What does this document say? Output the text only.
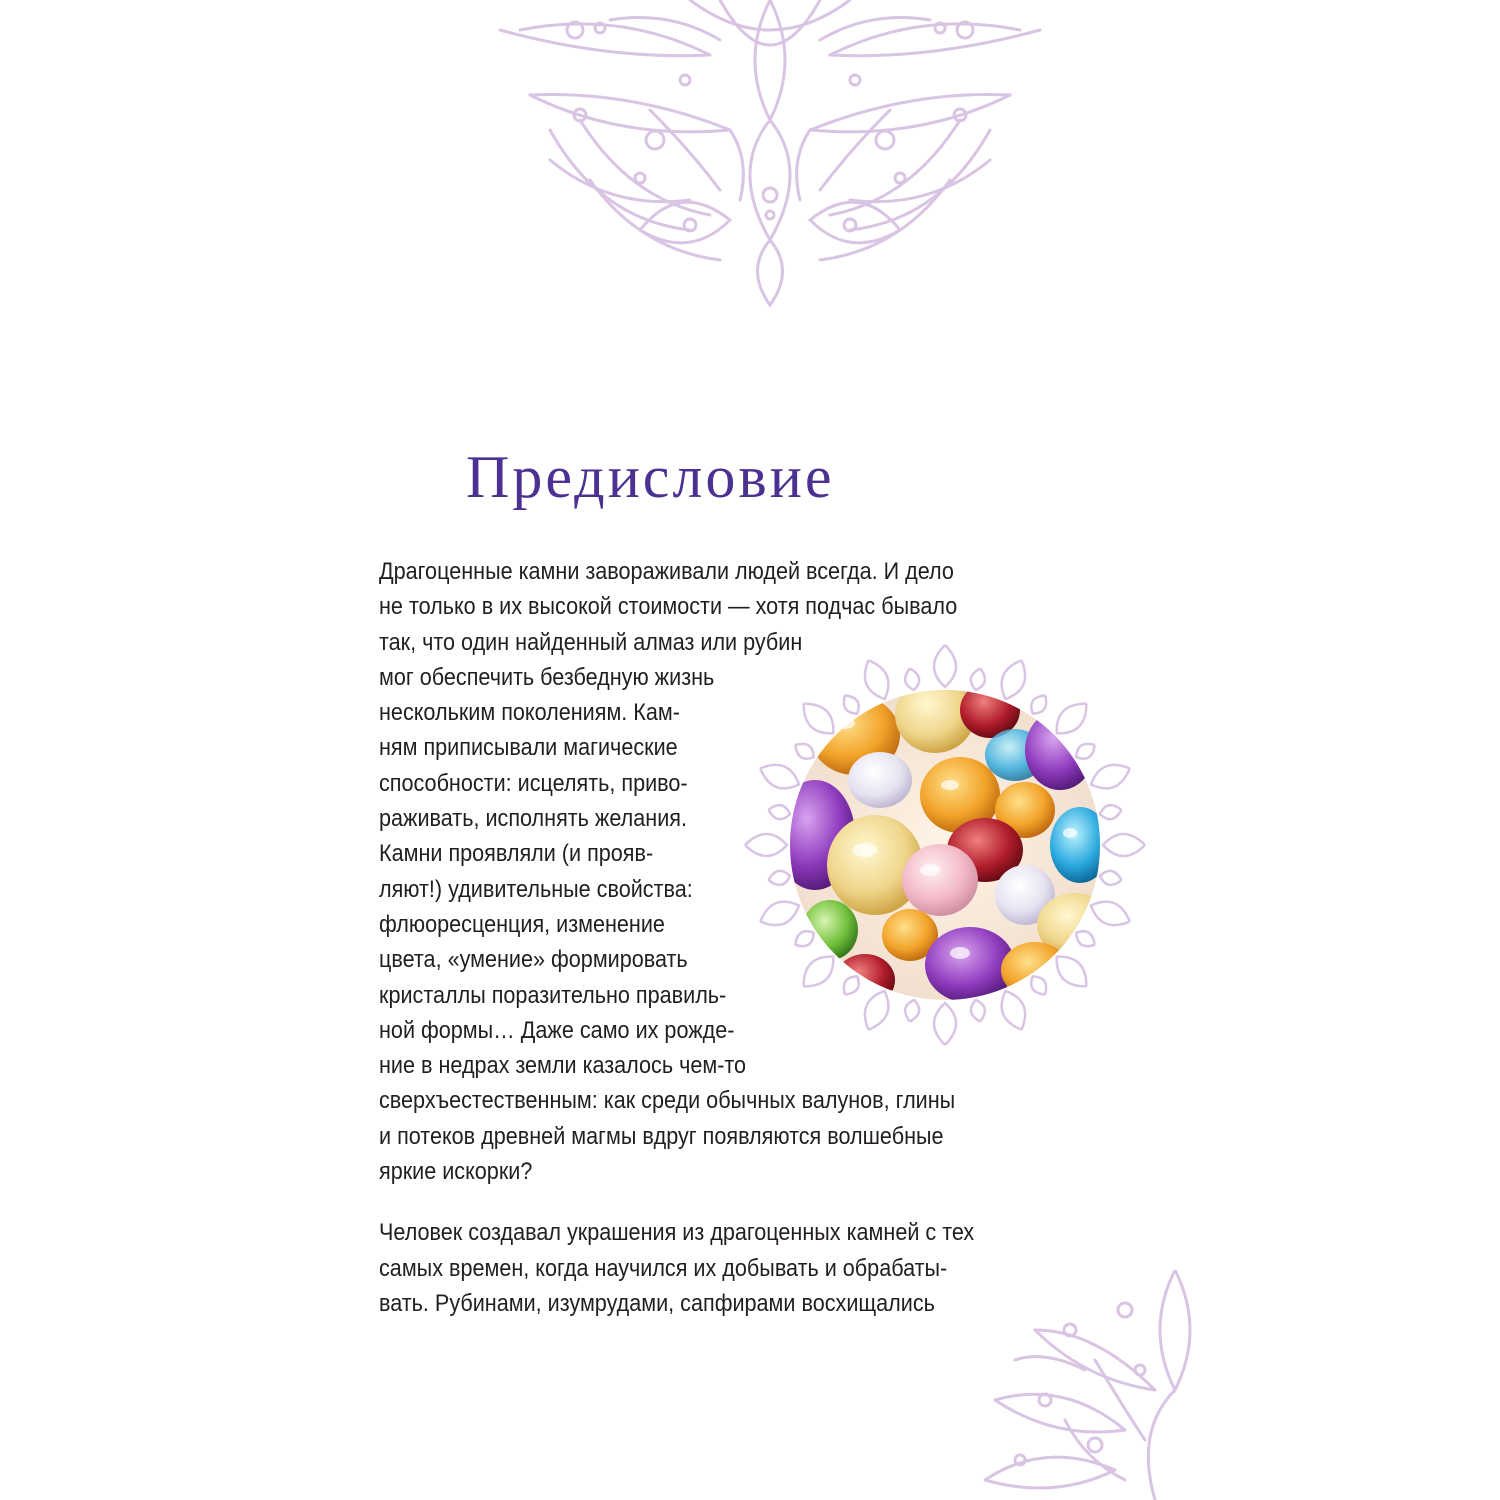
Предисловие

Драгоценные камни завораживали людей всегда. И дело
не только в их высокой стоимости — хотя подчас бывало
так, что один найденный алмаз или рубин
мог обеспечить безбедную жизнь
нескольким поколениям. Кам-
ням приписывали магические
способности: исцелять, приво-
раживать, исполнять желания.
Камни проявляли (и прояв-
ляют!) удивительные свойства:
флюоресценция, изменение
цвета, «умение» формировать
кристаллы поразительно правиль-
ной формы… Даже само их рожде-
ние в недрах земли казалось чем-то
сверхъестественным: как среди обычных валунов, глины
и потеков древней магмы вдруг появляются волшебные
яркие искорки?

Человек создавал украшения из драгоценных камней с тех
самых времен, когда научился их добывать и обрабаты-
вать. Рубинами, изумрудами, сапфирами восхищались
